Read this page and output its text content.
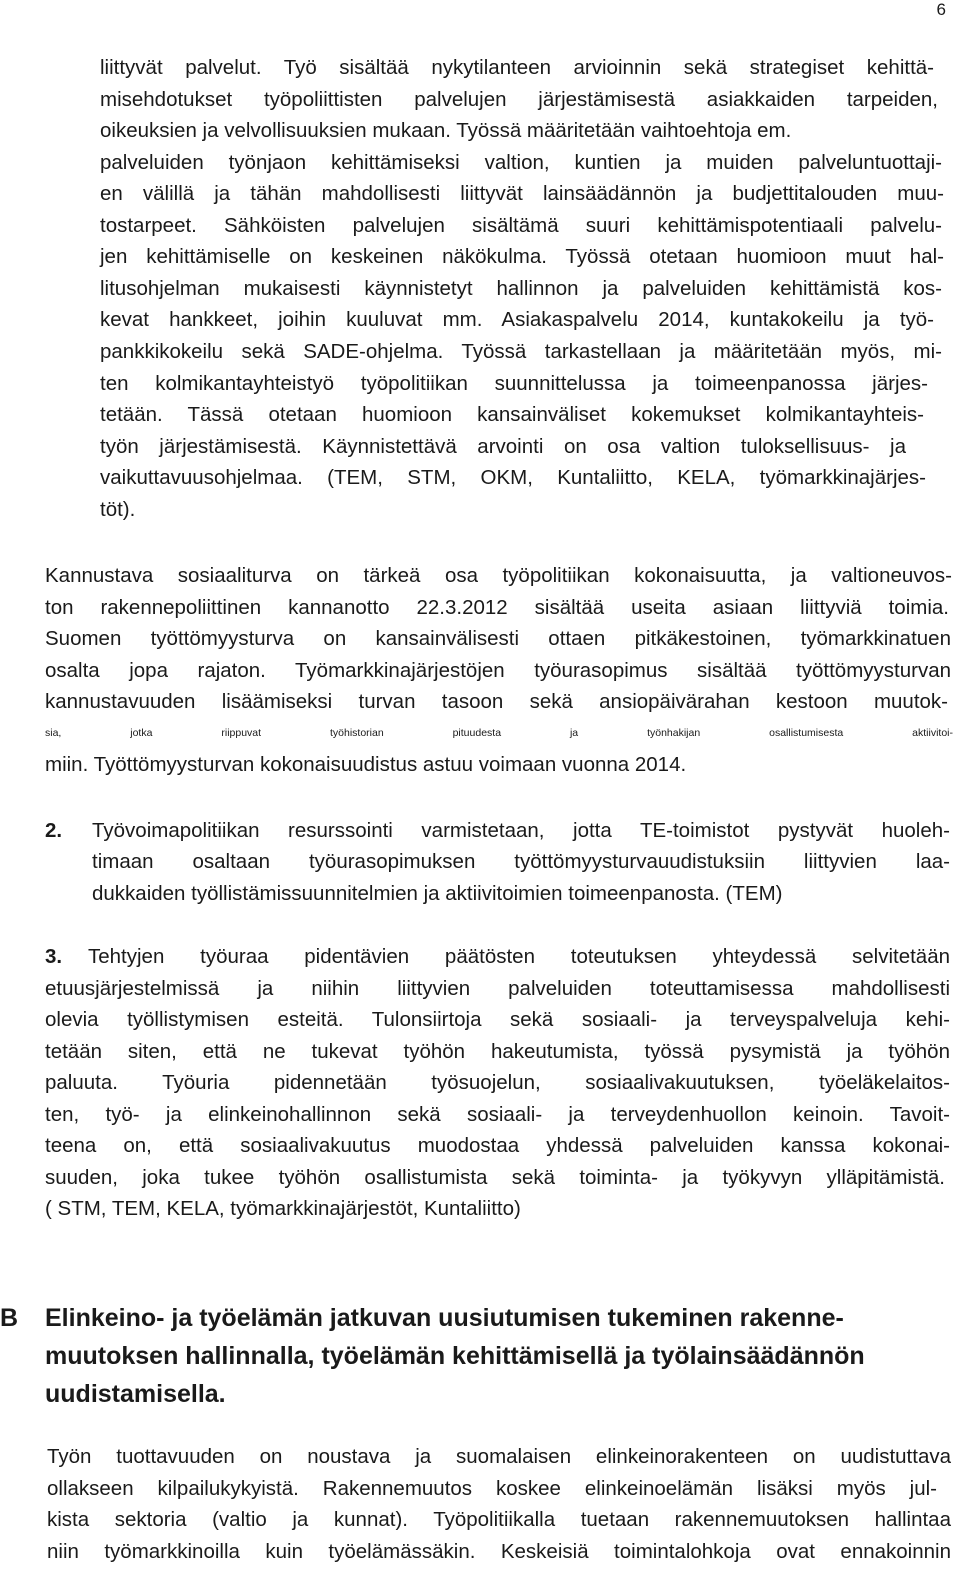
6
liittyvät palvelut. Työ sisältää nykytilanteen arvioinnin sekä strategiset kehittä-
misehdotukset työpoliittisten palvelujen järjestämisestä asiakkaiden tarpeiden,
oikeuksien ja velvollisuuksien mukaan. Työssä määritetään vaihtoehtoja em.
palveluiden työnjaon kehittämiseksi valtion, kuntien ja muiden palveluntuottaji-
en välillä ja tähän mahdollisesti liittyvät lainsäädännön ja budjettitalouden muu-
tostarpeet. Sähköisten palvelujen sisältämä suuri kehittämispotentiaali palvelu-
jen kehittämiselle on keskeinen näkökulma. Työssä otetaan huomioon muut hal-
litusohjelman mukaisesti käynnistetyt hallinnon ja palveluiden kehittämistä kos-
kevat hankkeet, joihin kuuluvat mm. Asiakaspalvelu 2014, kuntakokeilu ja työ-
pankkikokeilu sekä SADE-ohjelma. Työssä tarkastellaan ja määritetään myös, mi-
ten kolmikantayhteistyö työpolitiikan suunnittelussa ja toimeenpanossa järjes-
tetään. Tässä otetaan huomioon kansainväliset kokemukset kolmikantayhteis-
työn järjestämisestä. Käynnistettävä arvointi on osa valtion tuloksellisuus- ja
vaikuttavuusohjelmaa. (TEM, STM, OKM, Kuntaliitto, KELA, työmarkkinajärjes-
töt).
Kannustava sosiaaliturva on tärkeä osa työpolitiikan kokonaisuutta, ja valtioneuvos-
ton rakennepoliittinen kannanotto 22.3.2012 sisältää useita asiaan liittyviä toimia.
Suomen työttömyysturva on kansainvälisesti ottaen pitkäkestoinen, työmarkkinatuen
osalta jopa rajaton. Työmarkkinajärjestöjen työurasopimus sisältää työttömyysturvan
kannustavuuden lisäämiseksi turvan tasoon sekä ansiopäivärahan kestoon muutok-
sia, jotka riippuvat työhistorian pituudesta ja työnhakijan osallistumisesta aktiivitoi-
miin. Työttömyysturvan kokonaisuudistus astuu voimaan vuonna 2014.
2. Työvoimapolitiikan resurssointi varmistetaan, jotta TE-toimistot pystyvät huoleh-
timaan osaltaan työurasopimuksen työttömyysturvauudistuksiin liittyvien laa-
dukkaiden työllistämissuunnitelmien ja aktiivitoimien toimeenpanosta. (TEM)
3. Tehtyjen työuraa pidentävien päätösten toteutuksen yhteydessä selvitetään
etuusjärjestelmissä ja niihin liittyvien palveluiden toteuttamisessa mahdollisesti
olevia työllistymisen esteitä. Tulonsiirtoja sekä sosiaali- ja terveyspalveluja kehi-
tetään siten, että ne tukevat työhön hakeutumista, työssä pysymistä ja työhön
paluuta. Työuria pidennetään työsuojelun, sosiaalivakuutuksen, työeläkelaitos-
ten, työ- ja elinkeinohallinnon sekä sosiaali- ja terveydenhuollon keinoin. Tavoit-
teena on, että sosiaalivakuutus muodostaa yhdessä palveluiden kanssa kokonai-
suuden, joka tukee työhön osallistumista sekä toiminta- ja työkyvyn ylläpitämistä.
( STM, TEM, KELA, työmarkkinajärjestöt, Kuntaliitto)
B Elinkeino- ja työelämän jatkuvan uusiutumisen tukeminen rakenne-
muutoksen hallinnalla, työelämän kehittämisellä ja työlainsäädännön
uudistamisella.
Työn tuottavuuden on noustava ja suomalaisen elinkeinorakenteen on uudistuttava
ollakseen kilpailukykyistä. Rakennemuutos koskee elinkeinoelämän lisäksi myös jul-
kista sektoria (valtio ja kunnat). Työpolitiikalla tuetaan rakennemuutoksen hallintaa
niin työmarkkinoilla kuin työelämässäkin. Keskeisiä toimintalohkoja ovat ennakoinnin
